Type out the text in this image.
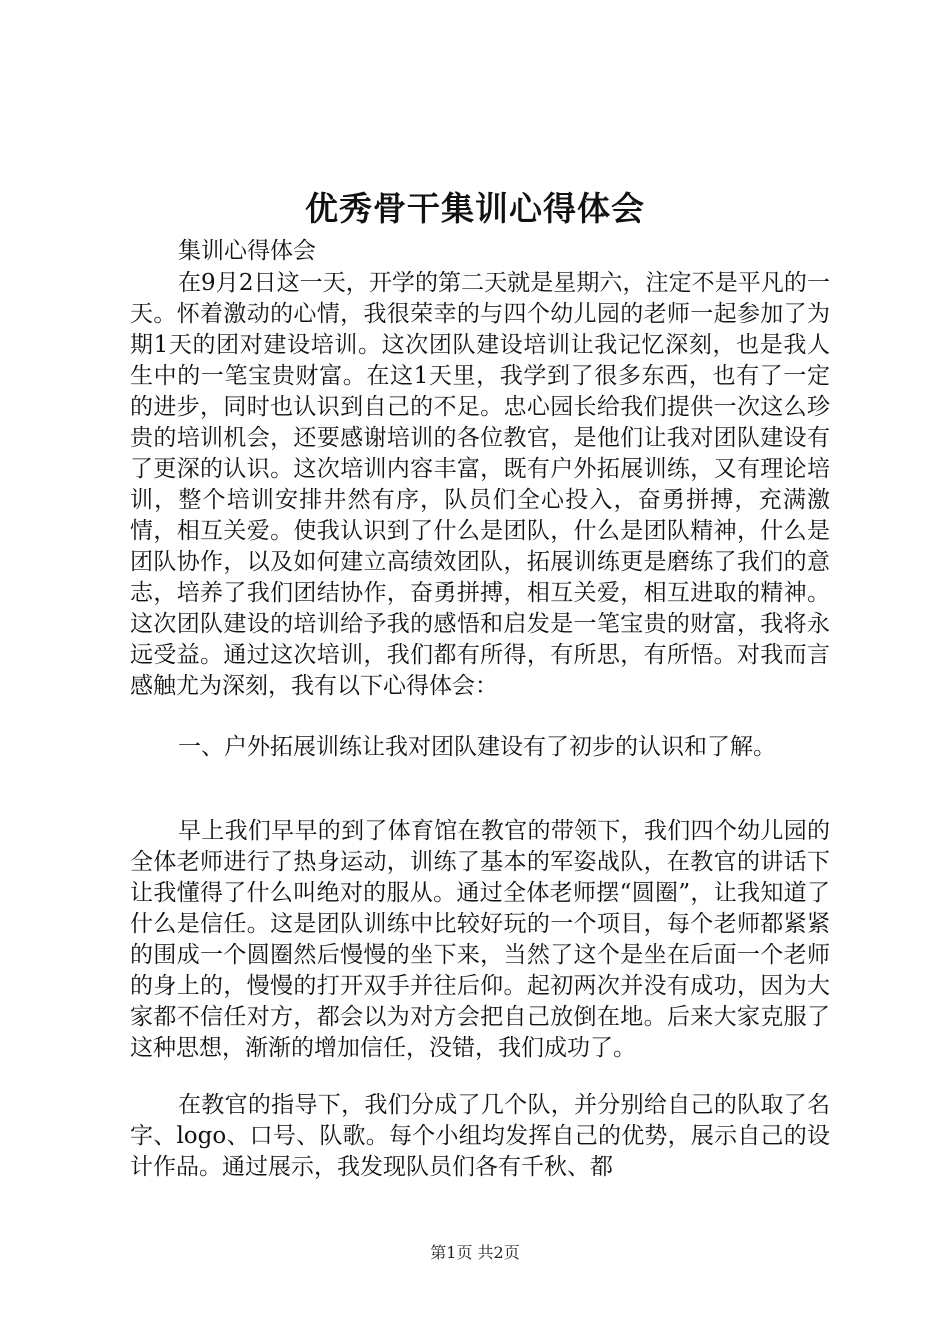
优秀骨干集训心得体会

集训心得体会

在9月2日这一天，开学的第二天就是星期六，注定不是平凡的一天。怀着激动的心情，我很荣幸的与四个幼儿园的老师一起参加了为期1天的团对建设培训。这次团队建设培训让我记忆深刻，也是我人生中的一笔宝贵财富。在这1天里，我学到了很多东西，也有了一定的进步，同时也认识到自己的不足。忠心园长给我们提供一次这么珍贵的培训机会，还要感谢培训的各位教官，是他们让我对团队建设有了更深的认识。这次培训内容丰富，既有户外拓展训练，又有理论培训，整个培训安排井然有序，队员们全心投入，奋勇拼搏，充满激情，相互关爱。使我认识到了什么是团队，什么是团队精神，什么是团队协作，以及如何建立高绩效团队，拓展训练更是磨练了我们的意志，培养了我们团结协作，奋勇拼搏，相互关爱，相互进取的精神。这次团队建设的培训给予我的感悟和启发是一笔宝贵的财富，我将永远受益。通过这次培训，我们都有所得，有所思，有所悟。对我而言感触尤为深刻，我有以下心得体会：

一、户外拓展训练让我对团队建设有了初步的认识和了解。

早上我们早早的到了体育馆在教官的带领下，我们四个幼儿园的全体老师进行了热身运动，训练了基本的军姿战队，在教官的讲话下让我懂得了什么叫绝对的服从。通过全体老师摆“圆圈”，让我知道了什么是信任。这是团队训练中比较好玩的一个项目，每个老师都紧紧的围成一个圆圈然后慢慢的坐下来，当然了这个是坐在后面一个老师的身上的，慢慢的打开双手并往后仰。起初两次并没有成功，因为大家都不信任对方，都会以为对方会把自己放倒在地。后来大家克服了这种思想，渐渐的增加信任，没错，我们成功了。

在教官的指导下，我们分成了几个队，并分别给自己的队取了名字、logo、口号、队歌。每个小组均发挥自己的优势，展示自己的设计作品。通过展示，我发现队员们各有千秋、都

第1页 共2页
